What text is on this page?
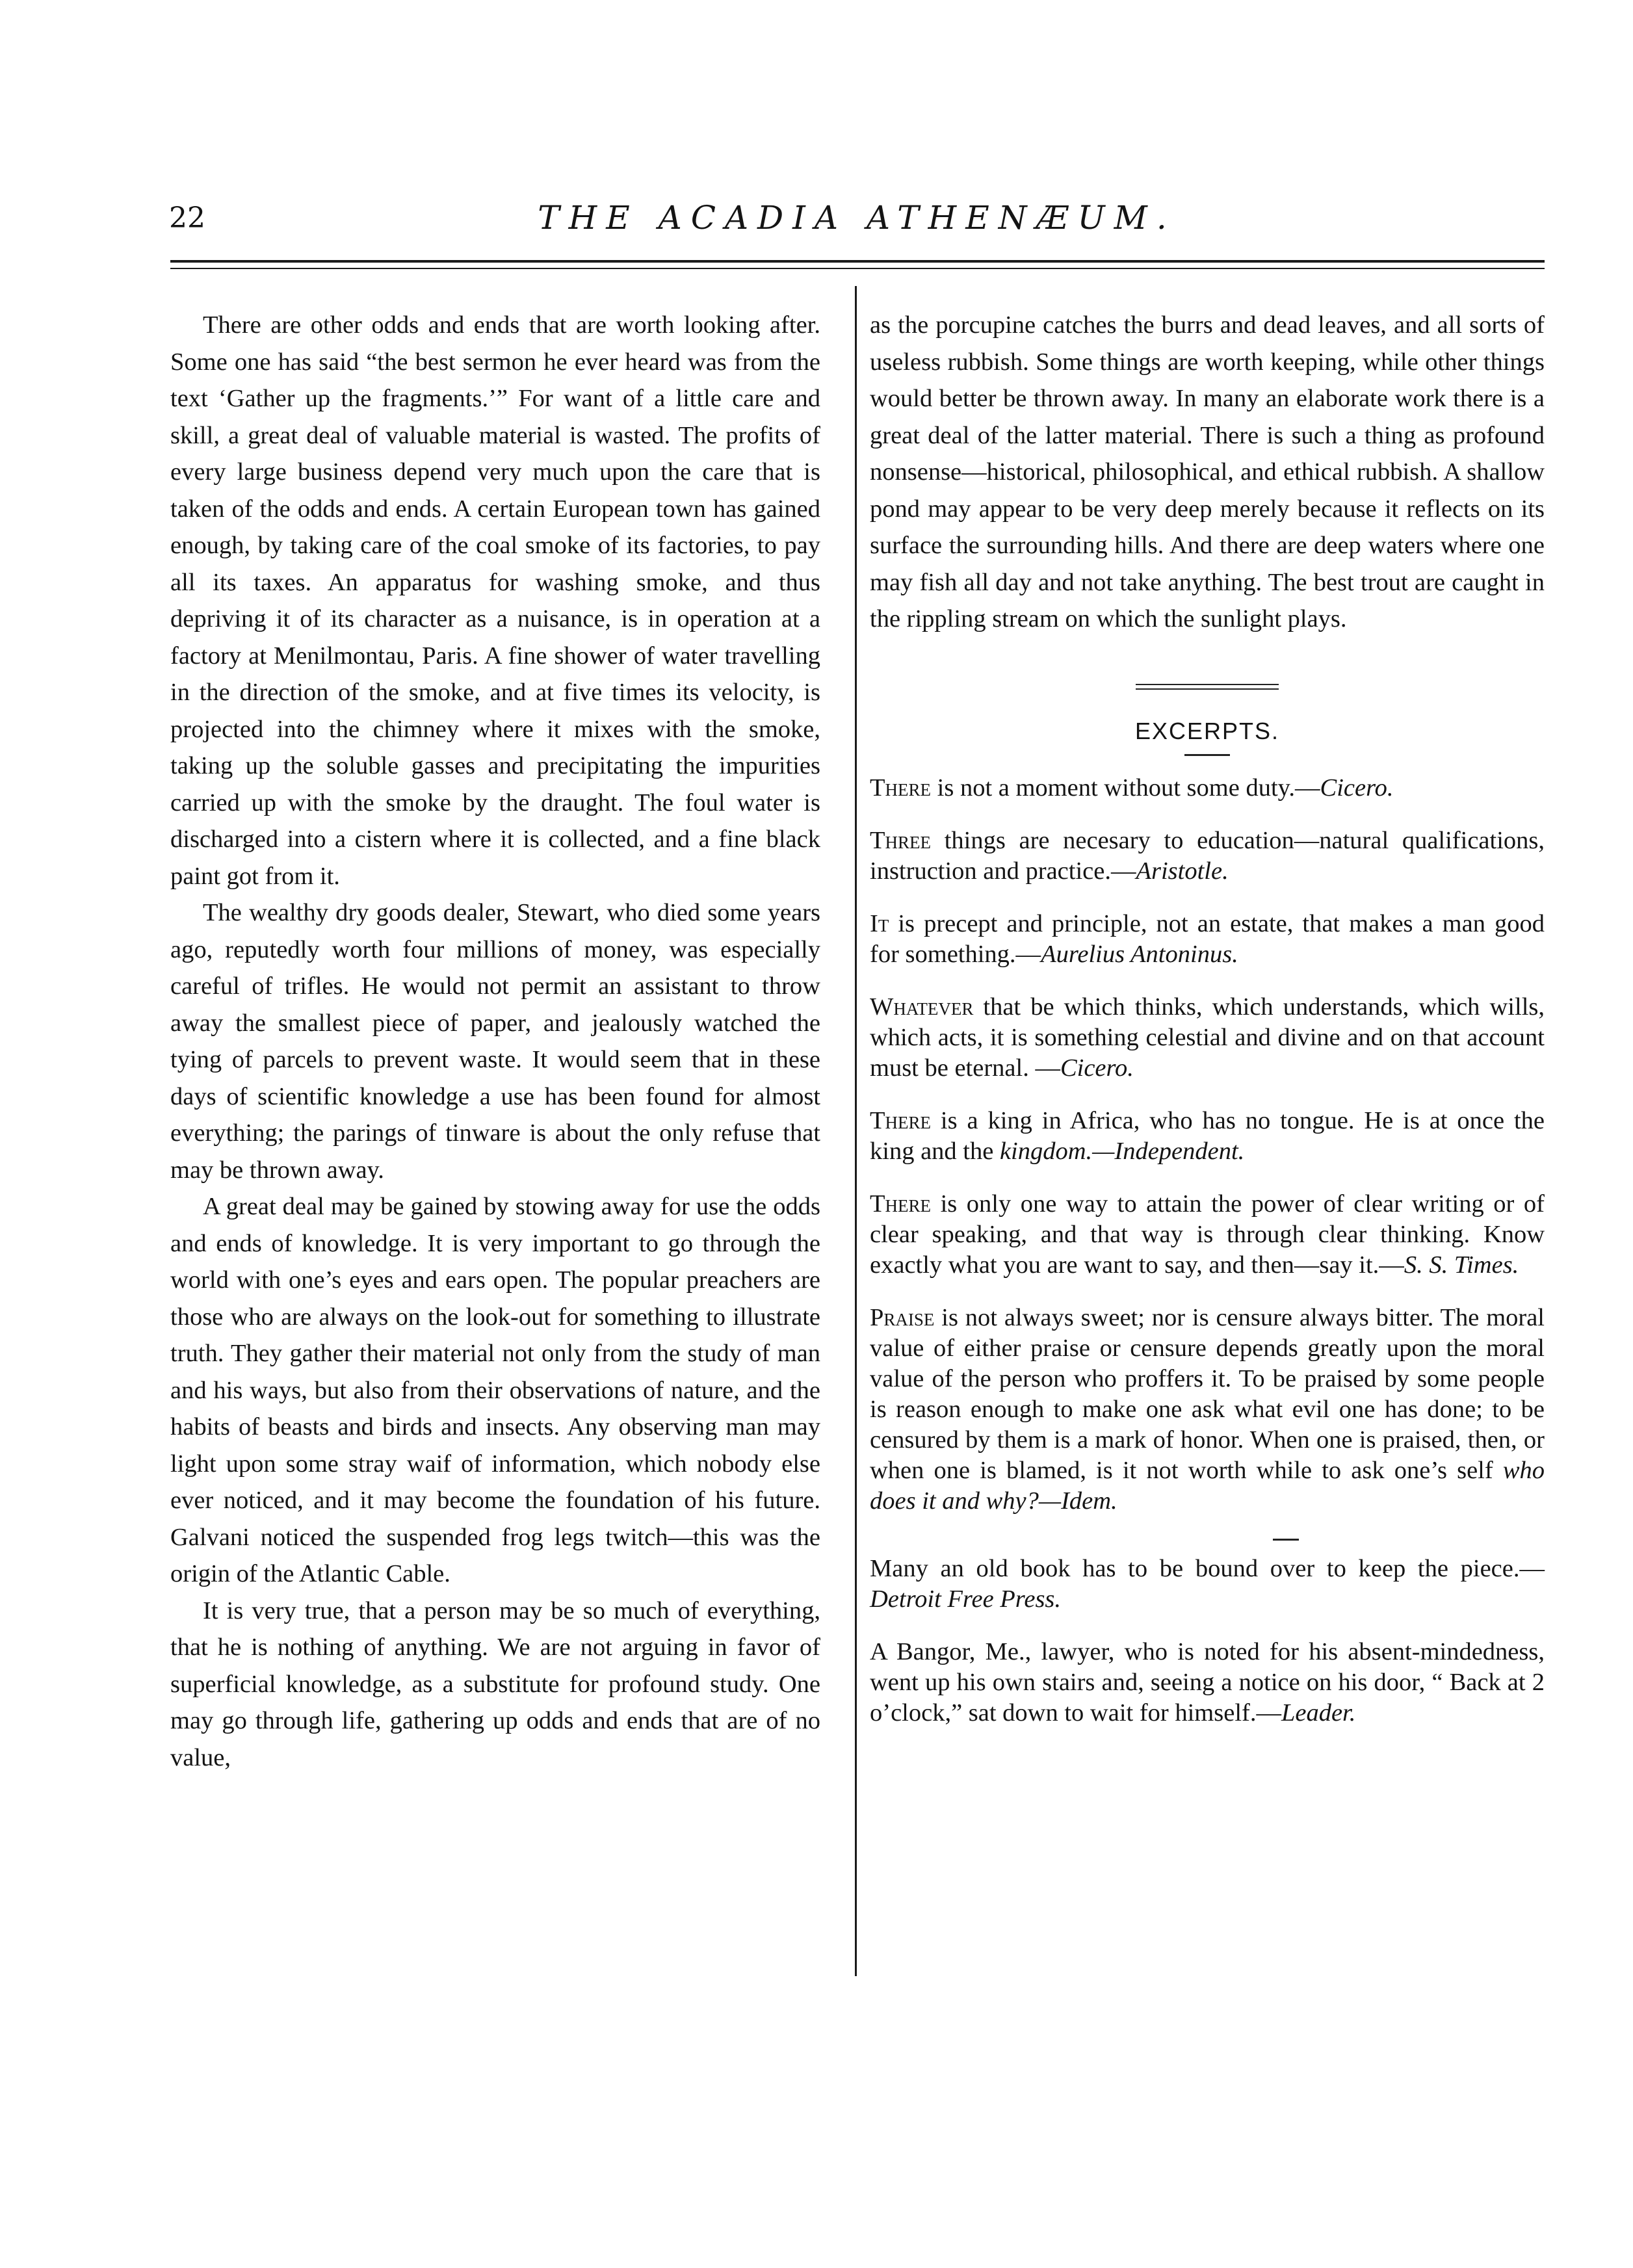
22	THE ACADIA ATHENÆUM.

There are other odds and ends that are worth looking after. Some one has said “the best sermon he ever heard was from the text ‘Gather up the fragments.’” For want of a little care and skill, a great deal of valuable material is wasted. The profits of every large business depend very much upon the care that is taken of the odds and ends. A certain European town has gained enough, by taking care of the coal smoke of its factories, to pay all its taxes. An apparatus for washing smoke, and thus depriving it of its character as a nuisance, is in operation at a factory at Menilmontau, Paris. A fine shower of water travelling in the direction of the smoke, and at five times its velocity, is projected into the chimney where it mixes with the smoke, taking up the soluble gasses and precipitating the impurities carried up with the smoke by the draught. The foul water is discharged into a cistern where it is collected, and a fine black paint got from it.

The wealthy dry goods dealer, Stewart, who died some years ago, reputedly worth four millions of money, was especially careful of trifles. He would not permit an assistant to throw away the smallest piece of paper, and jealously watched the tying of parcels to prevent waste. It would seem that in these days of scientific knowledge a use has been found for almost everything; the parings of tinware is about the only refuse that may be thrown away.

A great deal may be gained by stowing away for use the odds and ends of knowledge. It is very important to go through the world with one’s eyes and ears open. The popular preachers are those who are always on the look-out for something to illustrate truth. They gather their material not only from the study of man and his ways, but also from their observations of nature, and the habits of beasts and birds and insects. Any observing man may light upon some stray waif of information, which nobody else ever noticed, and it may become the foundation of his future. Galvani noticed the suspended frog legs twitch—this was the origin of the Atlantic Cable.

It is very true, that a person may be so much of everything, that he is nothing of anything. We are not arguing in favor of superficial knowledge, as a substitute for profound study. One may go through life, gathering up odds and ends that are of no value,

as the porcupine catches the burrs and dead leaves, and all sorts of useless rubbish. Some things are worth keeping, while other things would better be thrown away. In many an elaborate work there is a great deal of the latter material. There is such a thing as profound nonsense—historical, philosophical, and ethical rubbish. A shallow pond may appear to be very deep merely because it reflects on its surface the surrounding hills. And there are deep waters where one may fish all day and not take anything. The best trout are caught in the rippling stream on which the sunlight plays.

EXCERPTS.

There is not a moment without some duty.—Cicero.

Three things are necesary to education—natural qualifications, instruction and practice.—Aristotle.

It is precept and principle, not an estate, that makes a man good for something.—Aurelius Antoninus.

Whatever that be which thinks, which understands, which wills, which acts, it is something celestial and divine and on that account must be eternal. —Cicero.

There is a king in Africa, who has no tongue. He is at once the king and the kingdom.—Independent.

There is only one way to attain the power of clear writing or of clear speaking, and that way is through clear thinking. Know exactly what you are want to say, and then—say it.—S. S. Times.

Praise is not always sweet; nor is censure always bitter. The moral value of either praise or censure depends greatly upon the moral value of the person who proffers it. To be praised by some people is reason enough to make one ask what evil one has done; to be censured by them is a mark of honor. When one is praised, then, or when one is blamed, is it not worth while to ask one’s self who does it and why?—Idem.

Many an old book has to be bound over to keep the piece.—Detroit Free Press.

A Bangor, Me., lawyer, who is noted for his absent-mindedness, went up his own stairs and, seeing a notice on his door, “ Back at 2 o’clock,” sat down to wait for himself.—Leader.
